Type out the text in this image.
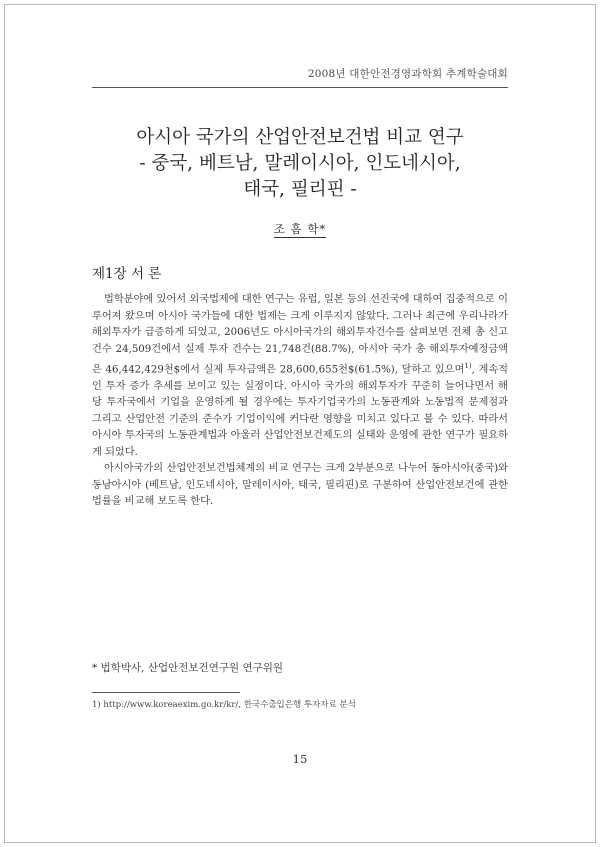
2008년 대한안전경영과학회 추계학술대회
아시아 국가의 산업안전보건법 비교 연구
- 중국, 베트남, 말레이시아, 인도네시아,
태국, 필리핀 -
조 흠 학*
제1장 서 론

법학분야에 있어서 외국법제에 대한 연구는 유럽, 일본 등의 선진국에 대하여 집중적으로 이루어져 왔으며 아시아 국가들에 대한 법제는 크게 이루지지 않았다. 그러나 최근에 우리나라가 해외투자가 급증하게 되었고, 2006년도 아시아국가의 해외투자건수를 살펴보면 전체 총 신고 건수 24,509건에서 실제 투자 건수는 21,748건(88.7%), 아시아 국가 총 해외투자예정금액은 46,442,429천$에서 실제 투자금액은 28,600,655천$(61.5%), 달하고 있으며$^{1)}$, 계속적인 투자 증가 추세를 보이고 있는 실정이다. 아시아 국가의 해외투자가 꾸준히 늘어나면서 해당 투자국에서 기업을 운영하게 될 경우에는 투자기업국가의 노동관계와 노동법적 문제점과 그리고 산업안전 기준의 준수가 기업이익에 커다란 영향을 미치고 있다고 볼 수 있다. 따라서 아시아 투자국의 노동관계법과 아울러 산업안전보건제도의 실태와 운영에 관한 연구가 필요하게 되었다.

아시아국가의 산업안전보건법체계의 비교 연구는 크게 2부분으로 나누어 동아시아(중국)와 동남아시아 (베트남, 인도네시아, 말레이시아, 태국, 필리핀)로 구분하여 산업안전보건에 관한 법률을 비교해 보도록 한다.

* 법학박사, 산업안전보건연구원 연구위원
1) http://www.koreaexim.go.kr/kr/, 한국수출입은행 투자자료 분석
15
